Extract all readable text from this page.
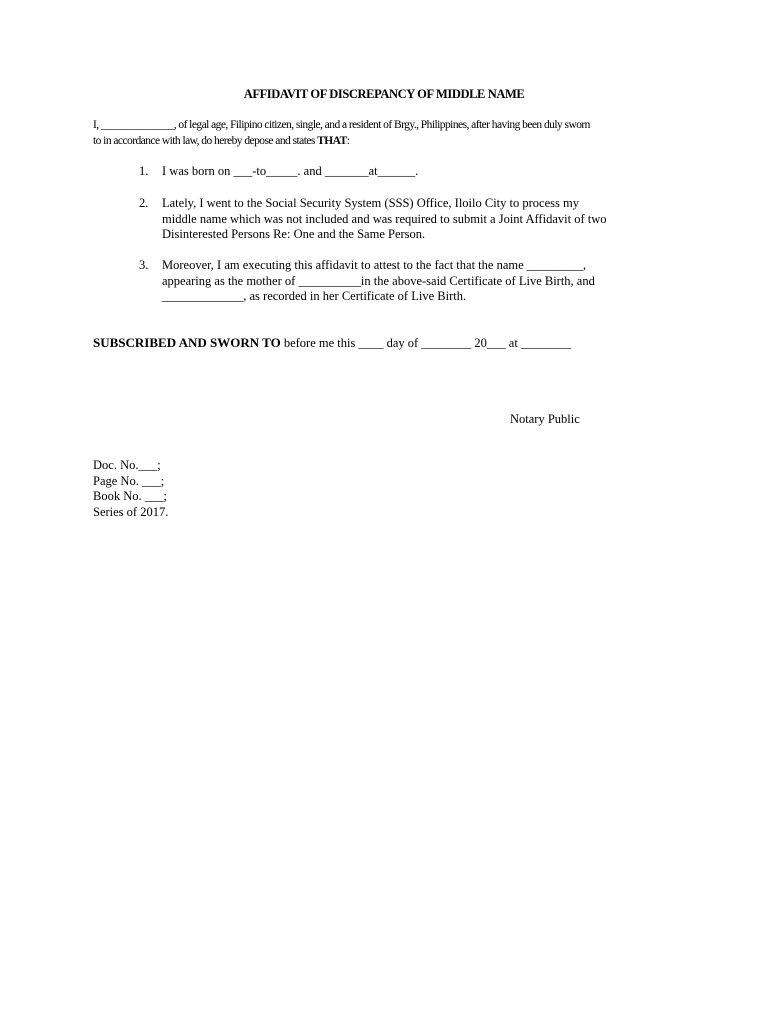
AFFIDAVIT OF DISCREPANCY OF MIDDLE NAME
I, ______________, of legal age, Filipino citizen, single, and a resident of Brgy., Philippines, after having been duly sworn
to in accordance with law, do hereby depose and states THAT:
1. I was born on ___-to_____. and _______at______.
2. Lately, I went to the Social Security System (SSS) Office, Iloilo City to process my
middle name which was not included and was required to submit a Joint Affidavit of two
Disinterested Persons Re: One and the Same Person.
3. Moreover, I am executing this affidavit to attest to the fact that the name _________,
appearing as the mother of __________in the above-said Certificate of Live Birth, and
_____________, as recorded in her Certificate of Live Birth.
SUBSCRIBED AND SWORN TO before me this ____ day of ________ 20___ at ________
Notary Public
Doc. No.___;
Page No. ___;
Book No. ___;
Series of 2017.
